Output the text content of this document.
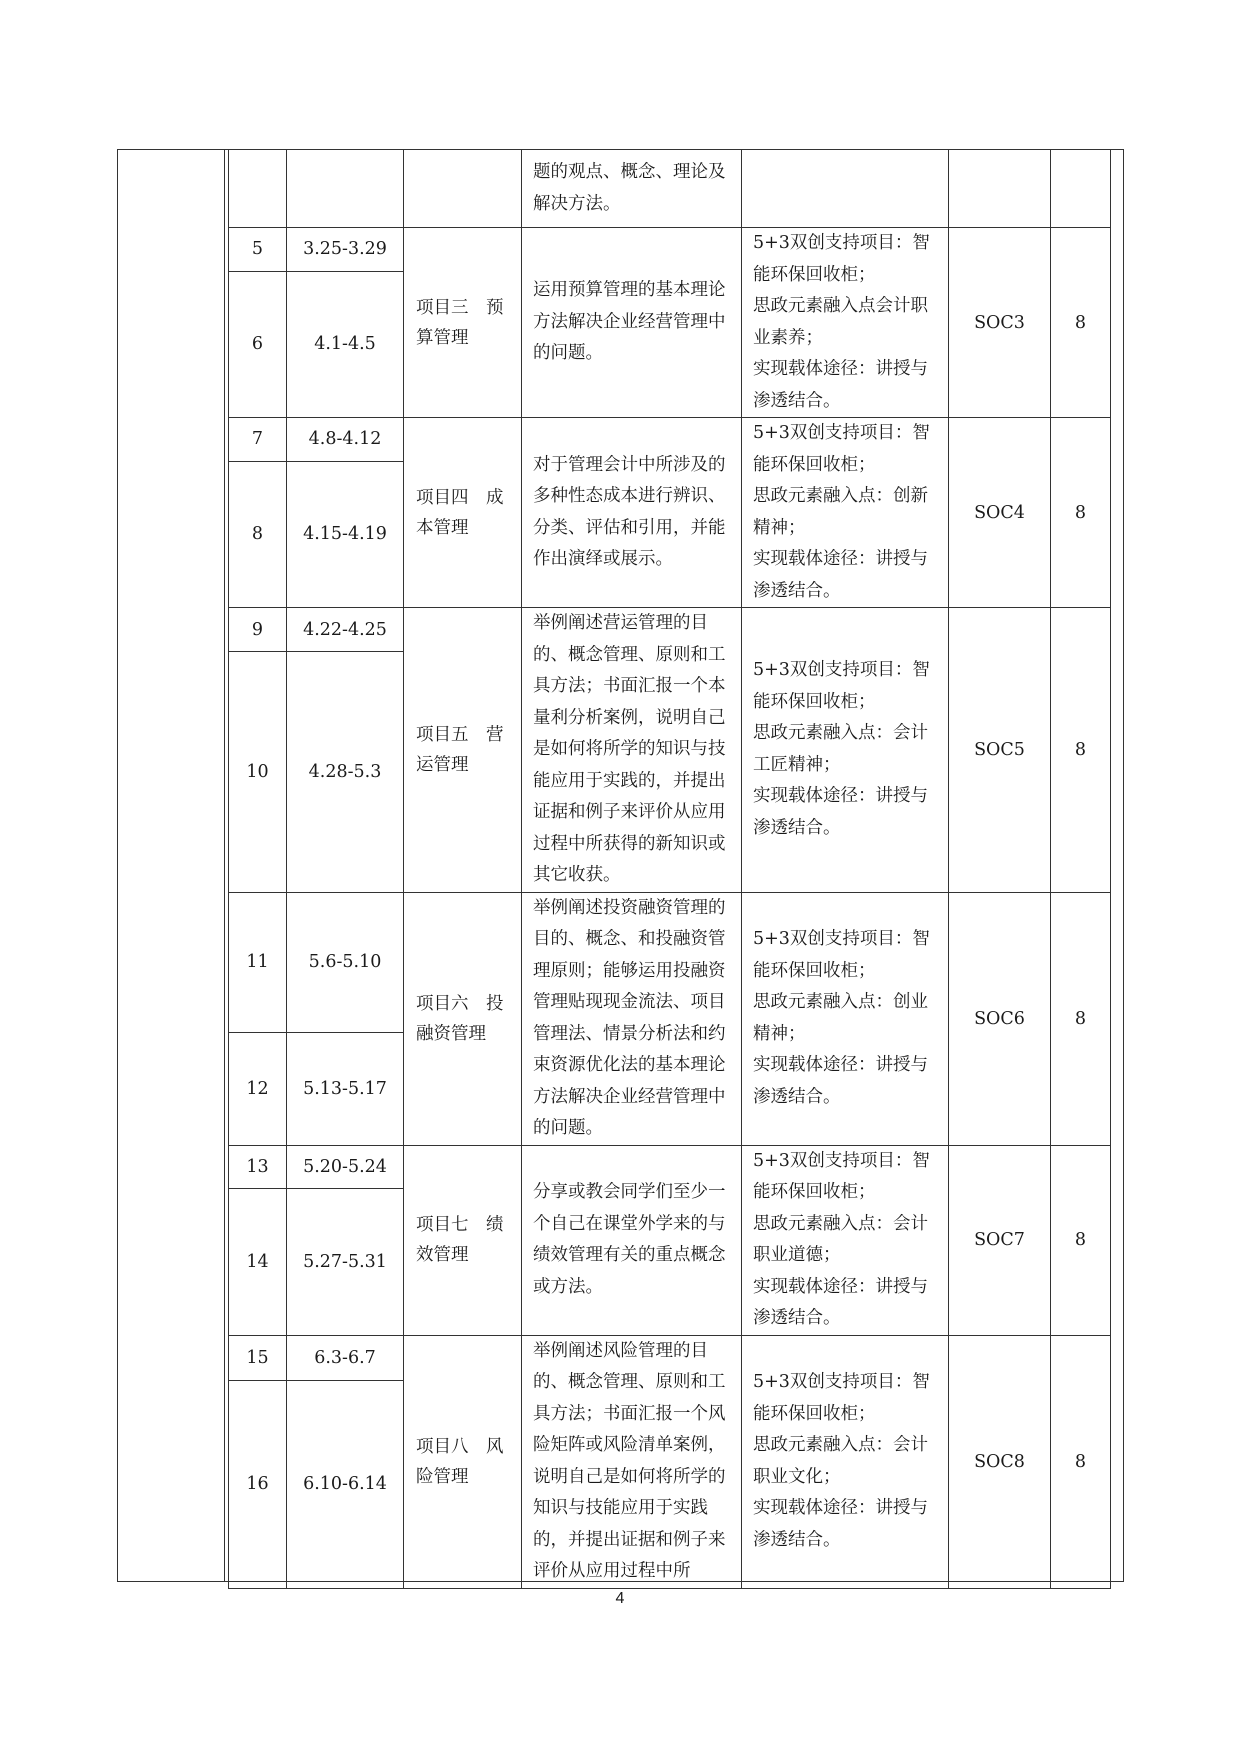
			题的观点、概念、理论及解决方法。			
5	3.25-3.29	项目三　预算管理	运用预算管理的基本理论方法解决企业经营管理中的问题。	5+3双创支持项目：智能环保回收柜；
思政元素融入点会计职业素养；
实现载体途径：讲授与渗透结合。	SOC3	8
6	4.1-4.5					
7	4.8-4.12	项目四　成本管理	对于管理会计中所涉及的多种性态成本进行辨识、分类、评估和引用，并能作出演绎或展示。	5+3双创支持项目：智能环保回收柜；
思政元素融入点：创新精神；
实现载体途径：讲授与渗透结合。	SOC4	8
8	4.15-4.19					
9	4.22-4.25	项目五　营运管理	举例阐述营运管理的目的、概念管理、原则和工具方法；书面汇报一个本量利分析案例，说明自己是如何将所学的知识与技能应用于实践的，并提出证据和例子来评价从应用过程中所获得的新知识或其它收获。	5+3双创支持项目：智能环保回收柜；
思政元素融入点：会计工匠精神；
实现载体途径：讲授与渗透结合。	SOC5	8
10	4.28-5.3					
11	5.6-5.10	项目六　投融资管理	举例阐述投资融资管理的目的、概念、和投融资管理原则；能够运用投融资管理贴现现金流法、项目管理法、情景分析法和约束资源优化法的基本理论方法解决企业经营管理中的问题。	5+3双创支持项目：智能环保回收柜；
思政元素融入点：创业精神；
实现载体途径：讲授与渗透结合。	SOC6	8
12	5.13-5.17					
13	5.20-5.24	项目七　绩效管理	分享或教会同学们至少一个自己在课堂外学来的与绩效管理有关的重点概念或方法。	5+3双创支持项目：智能环保回收柜；
思政元素融入点：会计职业道德；
实现载体途径：讲授与渗透结合。	SOC7	8
14	5.27-5.31					
15	6.3-6.7	项目八　风险管理	举例阐述风险管理的目的、概念管理、原则和工具方法；书面汇报一个风险矩阵或风险清单案例，说明自己是如何将所学的知识与技能应用于实践的，并提出证据和例子来评价从应用过程中所	5+3双创支持项目：智能环保回收柜；
思政元素融入点：会计职业文化；
实现载体途径：讲授与渗透结合。	SOC8	8
16	6.10-6.14					
4
